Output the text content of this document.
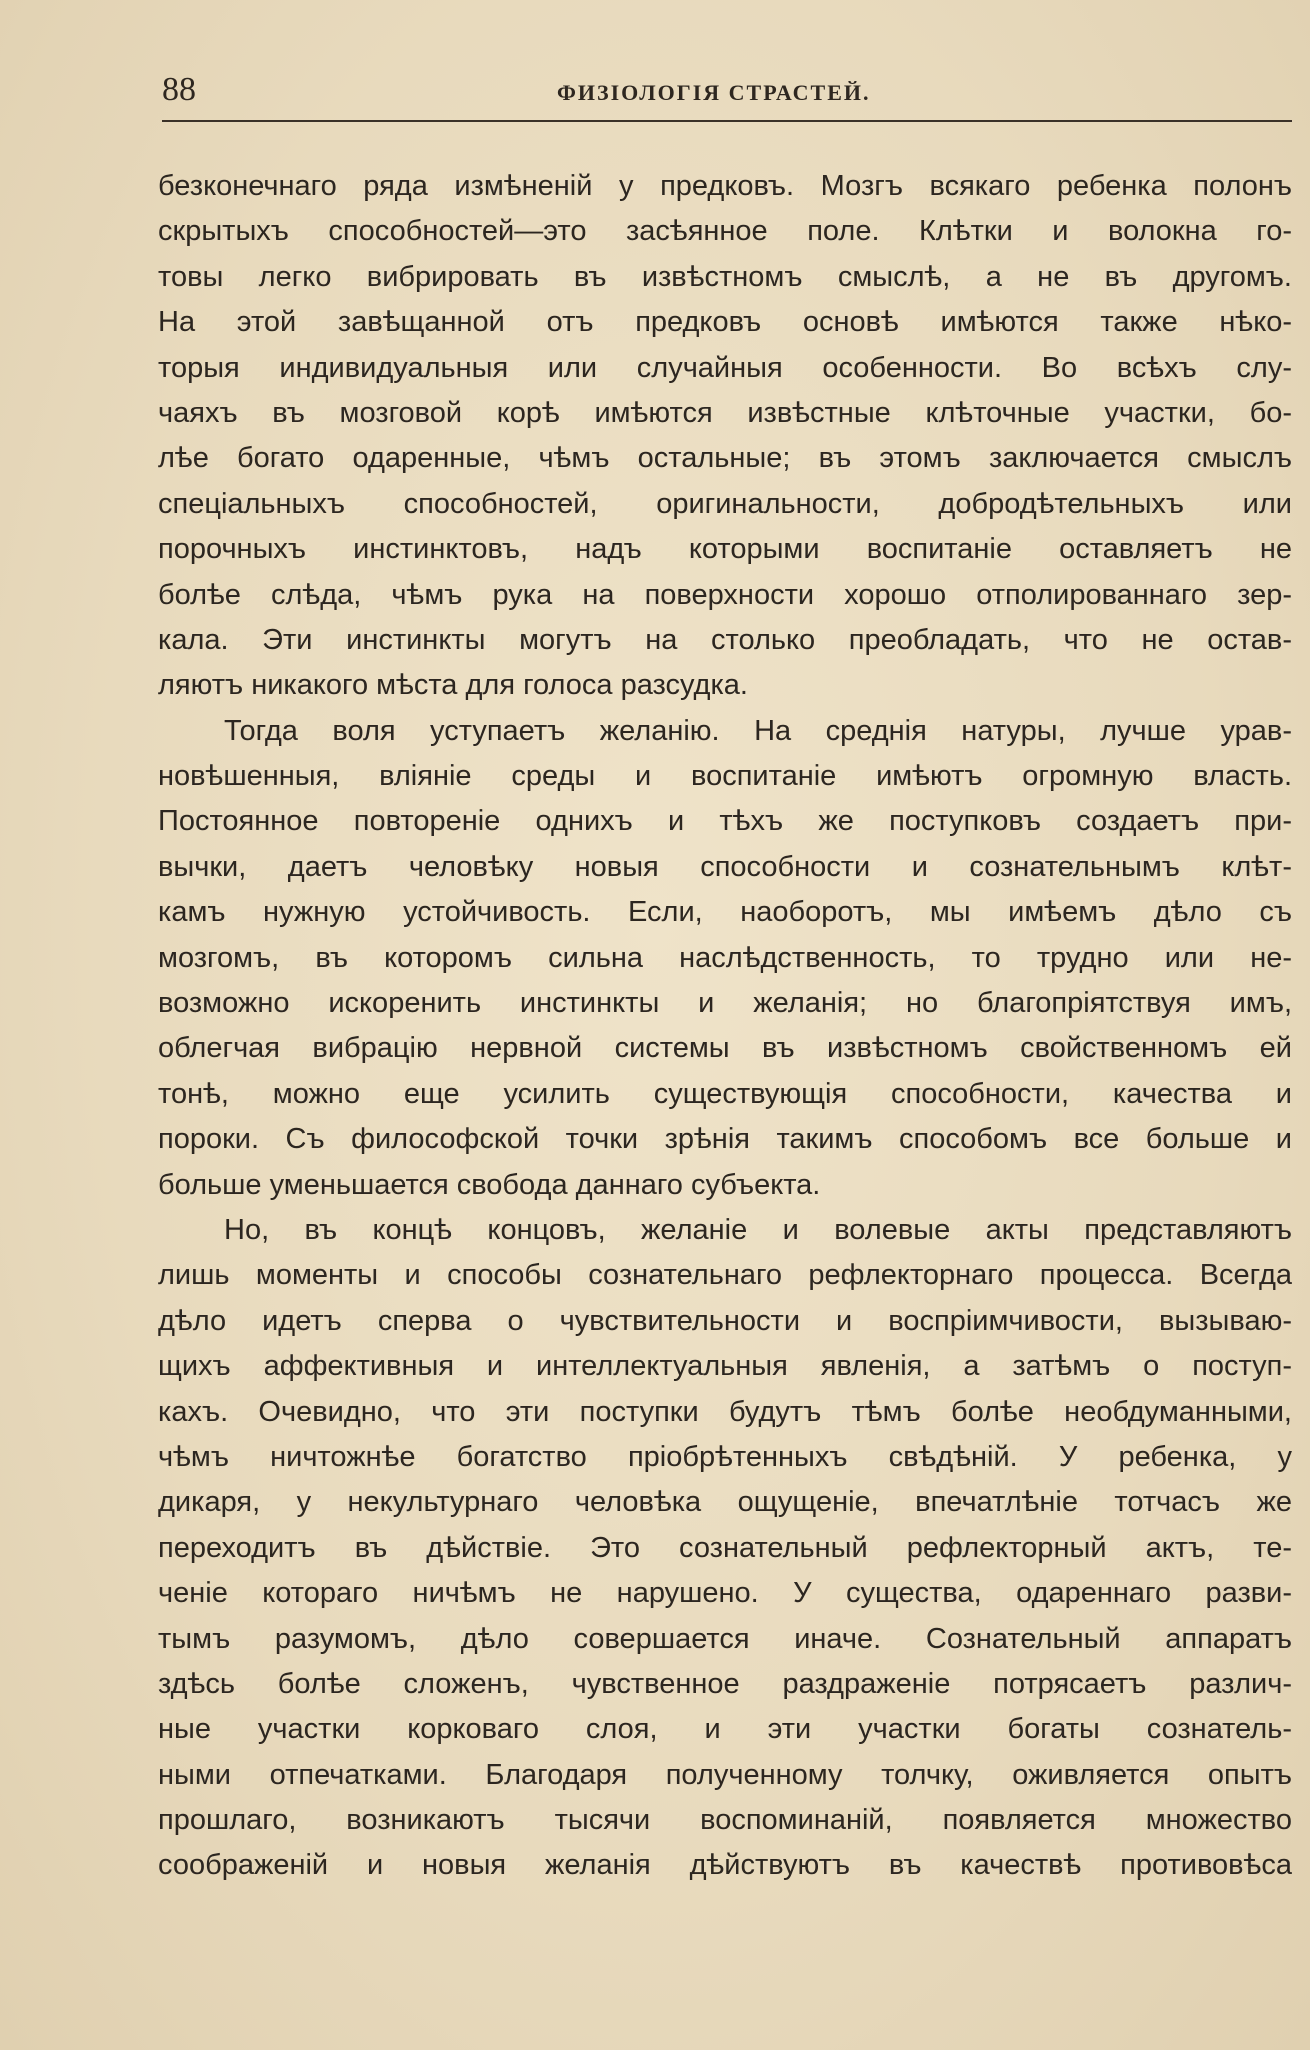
88	ФИЗIОЛОГIЯ СТРАСТЕЙ.
безконечнаго ряда измѣненій у предковъ. Мозгъ всякаго ребенка полонъ
скрытыхъ способностей—это засѣянное поле. Клѣтки и волокна го-
товы легко вибрировать въ извѣстномъ смыслѣ, а не въ другомъ.
На этой завѣщанной отъ предковъ основѣ имѣются также нѣко-
торыя индивидуальныя или случайныя особенности. Во всѣхъ слу-
чаяхъ въ мозговой корѣ имѣются извѣстные клѣточные участки, бо-
лѣе богато одаренные, чѣмъ остальные; въ этомъ заключается смыслъ
спеціальныхъ способностей, оригинальности, добродѣтельныхъ или
порочныхъ инстинктовъ, надъ которыми воспитаніе оставляетъ не
болѣе слѣда, чѣмъ рука на поверхности хорошо отполированнаго зер-
кала. Эти инстинкты могутъ на столько преобладать, что не остав-
ляютъ никакого мѣста для голоса разсудка.
Тогда воля уступаетъ желанію. На среднія натуры, лучше урав-
новѣшенныя, вліяніе среды и воспитаніе имѣютъ огромную власть.
Постоянное повтореніе однихъ и тѣхъ же поступковъ создаетъ при-
вычки, даетъ человѣку новыя способности и сознательнымъ клѣт-
камъ нужную устойчивость. Если, наоборотъ, мы имѣемъ дѣло съ
мозгомъ, въ которомъ сильна наслѣдственность, то трудно или не-
возможно искоренить инстинкты и желанія; но благопріятствуя имъ,
облегчая вибрацію нервной системы въ извѣстномъ свойственномъ ей
тонѣ, можно еще усилить существующія способности, качества и
пороки. Съ философской точки зрѣнія такимъ способомъ все больше и
больше уменьшается свобода даннаго субъекта.
Но, въ концѣ концовъ, желаніе и волевые акты представляютъ
лишь моменты и способы сознательнаго рефлекторнаго процесса. Всегда
дѣло идетъ сперва о чувствительности и воспріимчивости, вызываю-
щихъ аффективныя и интеллектуальныя явленія, а затѣмъ о поступ-
кахъ. Очевидно, что эти поступки будутъ тѣмъ болѣе необдуманными,
чѣмъ ничтожнѣе богатство пріобрѣтенныхъ свѣдѣній. У ребенка, у
дикаря, у некультурнаго человѣка ощущеніе, впечатлѣніе тотчасъ же
переходитъ въ дѣйствіе. Это сознательный рефлекторный актъ, те-
ченіе котораго ничѣмъ не нарушено. У существа, одареннаго разви-
тымъ разумомъ, дѣло совершается иначе. Сознательный аппаратъ
здѣсь болѣе сложенъ, чувственное раздраженіе потрясаетъ различ-
ные участки корковаго слоя, и эти участки богаты сознатель-
ными отпечатками. Благодаря полученному толчку, оживляется опытъ
прошлаго, возникаютъ тысячи воспоминаній, появляется множество
соображеній и новыя желанія дѣйствуютъ въ качествѣ противовѣса
